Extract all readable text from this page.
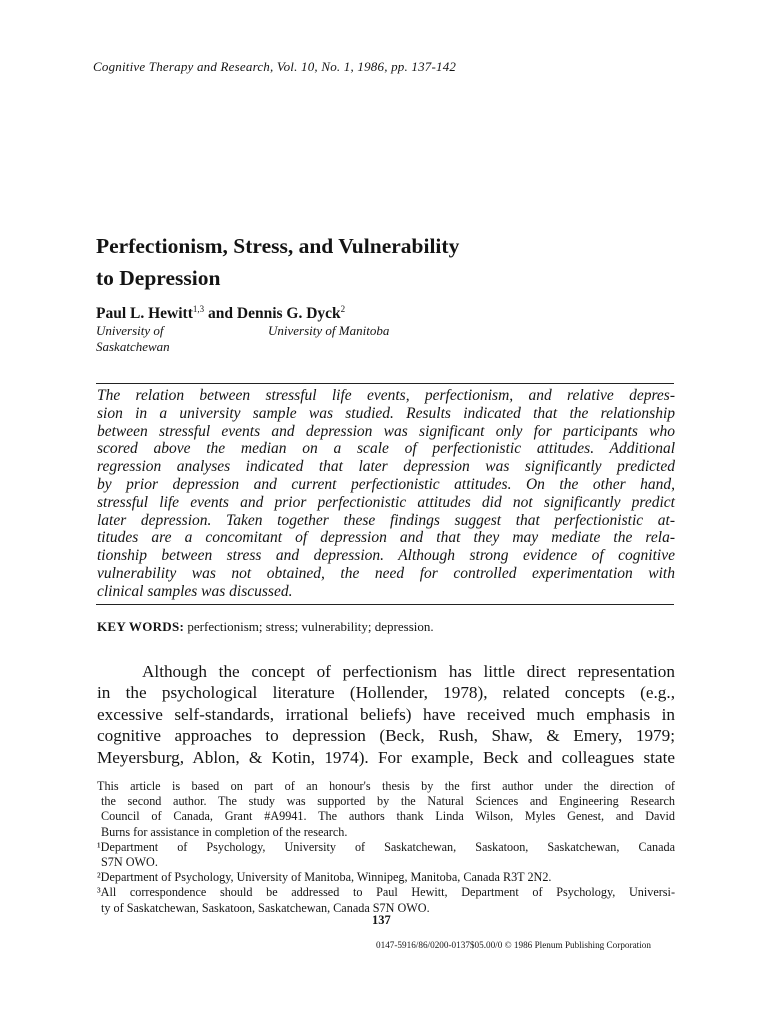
Cognitive Therapy and Research, Vol. 10, No. 1, 1986, pp. 137-142
Perfectionism, Stress, and Vulnerability
to Depression
Paul L. Hewitt$^{1,3}$ and Dennis G. Dyck$^2$
University of
Saskatchewan
University of Manitoba
The relation between stressful life events, perfectionism, and relative depres-
sion in a university sample was studied. Results indicated that the relationship
between stressful events and depression was significant only for participants who
scored above the median on a scale of perfectionistic attitudes. Additional
regression analyses indicated that later depression was significantly predicted
by prior depression and current perfectionistic attitudes. On the other hand,
stressful life events and prior perfectionistic attitudes did not significantly predict
later depression. Taken together these findings suggest that perfectionistic at-
titudes are a concomitant of depression and that they may mediate the rela-
tionship between stress and depression. Although strong evidence of cognitive
vulnerability was not obtained, the need for controlled experimentation with
clinical samples was discussed.
KEY WORDS: perfectionism; stress; vulnerability; depression.
Although the concept of perfectionism has little direct representation
in the psychological literature (Hollender, 1978), related concepts (e.g.,
excessive self-standards, irrational beliefs) have received much emphasis in
cognitive approaches to depression (Beck, Rush, Shaw, & Emery, 1979;
Meyersburg, Ablon, & Kotin, 1974). For example, Beck and colleagues state
This article is based on part of an honour's thesis by the first author under the direction of
the second author. The study was supported by the Natural Sciences and Engineering Research
Council of Canada, Grant #A9941. The authors thank Linda Wilson, Myles Genest, and David
Burns for assistance in completion of the research.
¹Department of Psychology, University of Saskatchewan, Saskatoon, Saskatchewan, Canada
S7N OWO.
²Department of Psychology, University of Manitoba, Winnipeg, Manitoba, Canada R3T 2N2.
³All correspondence should be addressed to Paul Hewitt, Department of Psychology, Universi-
ty of Saskatchewan, Saskatoon, Saskatchewan, Canada S7N OWO.
137
0147-5916/86/0200-0137$05.00/0 © 1986 Plenum Publishing Corporation
